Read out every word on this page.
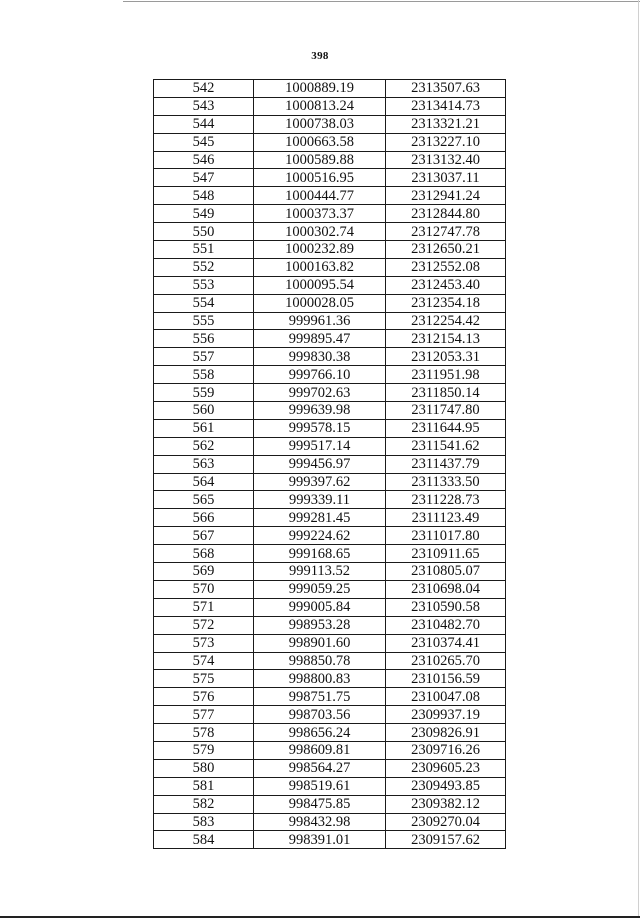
398
542	1000889.19	2313507.63
543	1000813.24	2313414.73
544	1000738.03	2313321.21
545	1000663.58	2313227.10
546	1000589.88	2313132.40
547	1000516.95	2313037.11
548	1000444.77	2312941.24
549	1000373.37	2312844.80
550	1000302.74	2312747.78
551	1000232.89	2312650.21
552	1000163.82	2312552.08
553	1000095.54	2312453.40
554	1000028.05	2312354.18
555	999961.36	2312254.42
556	999895.47	2312154.13
557	999830.38	2312053.31
558	999766.10	2311951.98
559	999702.63	2311850.14
560	999639.98	2311747.80
561	999578.15	2311644.95
562	999517.14	2311541.62
563	999456.97	2311437.79
564	999397.62	2311333.50
565	999339.11	2311228.73
566	999281.45	2311123.49
567	999224.62	2311017.80
568	999168.65	2310911.65
569	999113.52	2310805.07
570	999059.25	2310698.04
571	999005.84	2310590.58
572	998953.28	2310482.70
573	998901.60	2310374.41
574	998850.78	2310265.70
575	998800.83	2310156.59
576	998751.75	2310047.08
577	998703.56	2309937.19
578	998656.24	2309826.91
579	998609.81	2309716.26
580	998564.27	2309605.23
581	998519.61	2309493.85
582	998475.85	2309382.12
583	998432.98	2309270.04
584	998391.01	2309157.62
